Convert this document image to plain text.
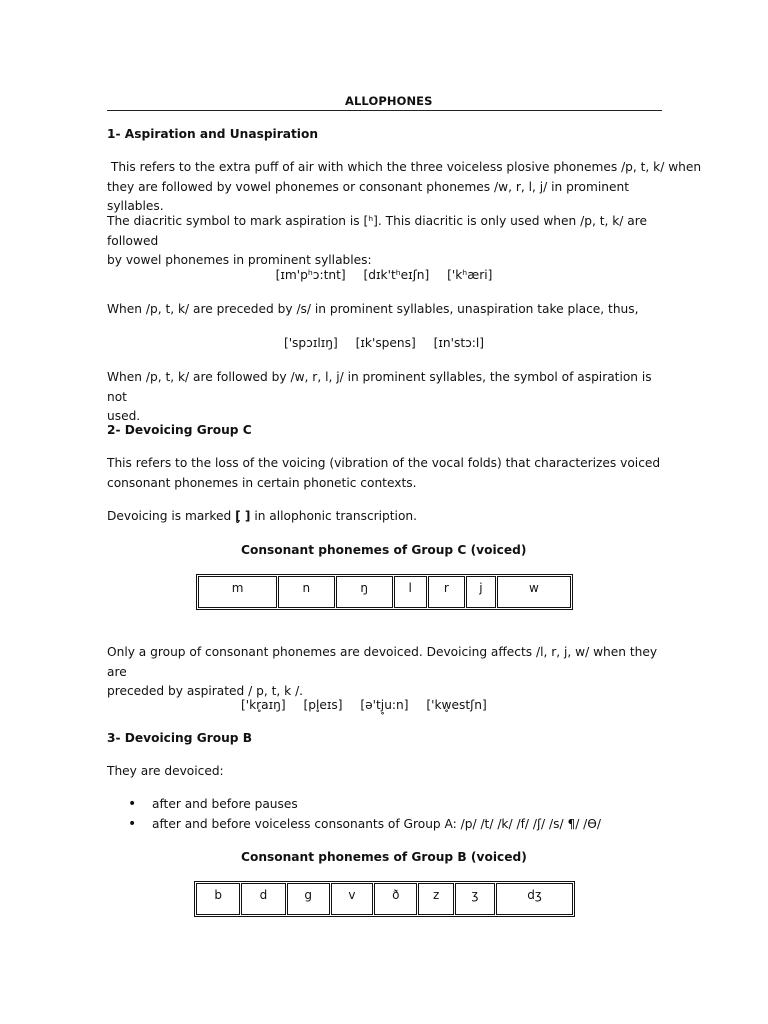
ALLOPHONES
1- Aspiration and Unaspiration
This refers to the extra puff of air with which the three voiceless plosive phonemes /p, t, k/ when
they are followed by vowel phonemes or consonant phonemes /w, r, l, j/ in prominent syllables.
The diacritic symbol to mark aspiration is [ʰ]. This diacritic is only used when /p, t, k/ are followed
by vowel phonemes in prominent syllables:
[ɪm'pʰɔ:tnt] [dɪk'tʰeɪʃn] ['kʰæri]
When /p, t, k/ are preceded by /s/ in prominent syllables, unaspiration take place, thus,
['spɔɪlɪŋ] [ɪk'spens] [ɪn'stɔ:l]
When /p, t, k/ are followed by /w, r, l, j/ in prominent syllables, the symbol of aspiration is not
used.
2- Devoicing Group C
This refers to the loss of the voicing (vibration of the vocal folds) that characterizes voiced
consonant phonemes in certain phonetic contexts.
Devoicing is marked [̥ ] in allophonic transcription.
Consonant phonemes of Group C (voiced)
m	n	ŋ	l	r	j	w
Only a group of consonant phonemes are devoiced. Devoicing affects /l, r, j, w/ when they are
preceded by aspirated / p, t, k /.
['kr̥aɪŋ] [pl̥eɪs] [ə'tj̥u:n] ['kw̥estʃn]
3- Devoicing Group B
They are devoiced:
• after and before pauses
• after and before voiceless consonants of Group A: /p/ /t/ /k/ /f/ /ʃ/ /s/ ¶/ /Ɵ/
Consonant phonemes of Group B (voiced)
b	d	g	v	ð	z	ʒ	dʒ
